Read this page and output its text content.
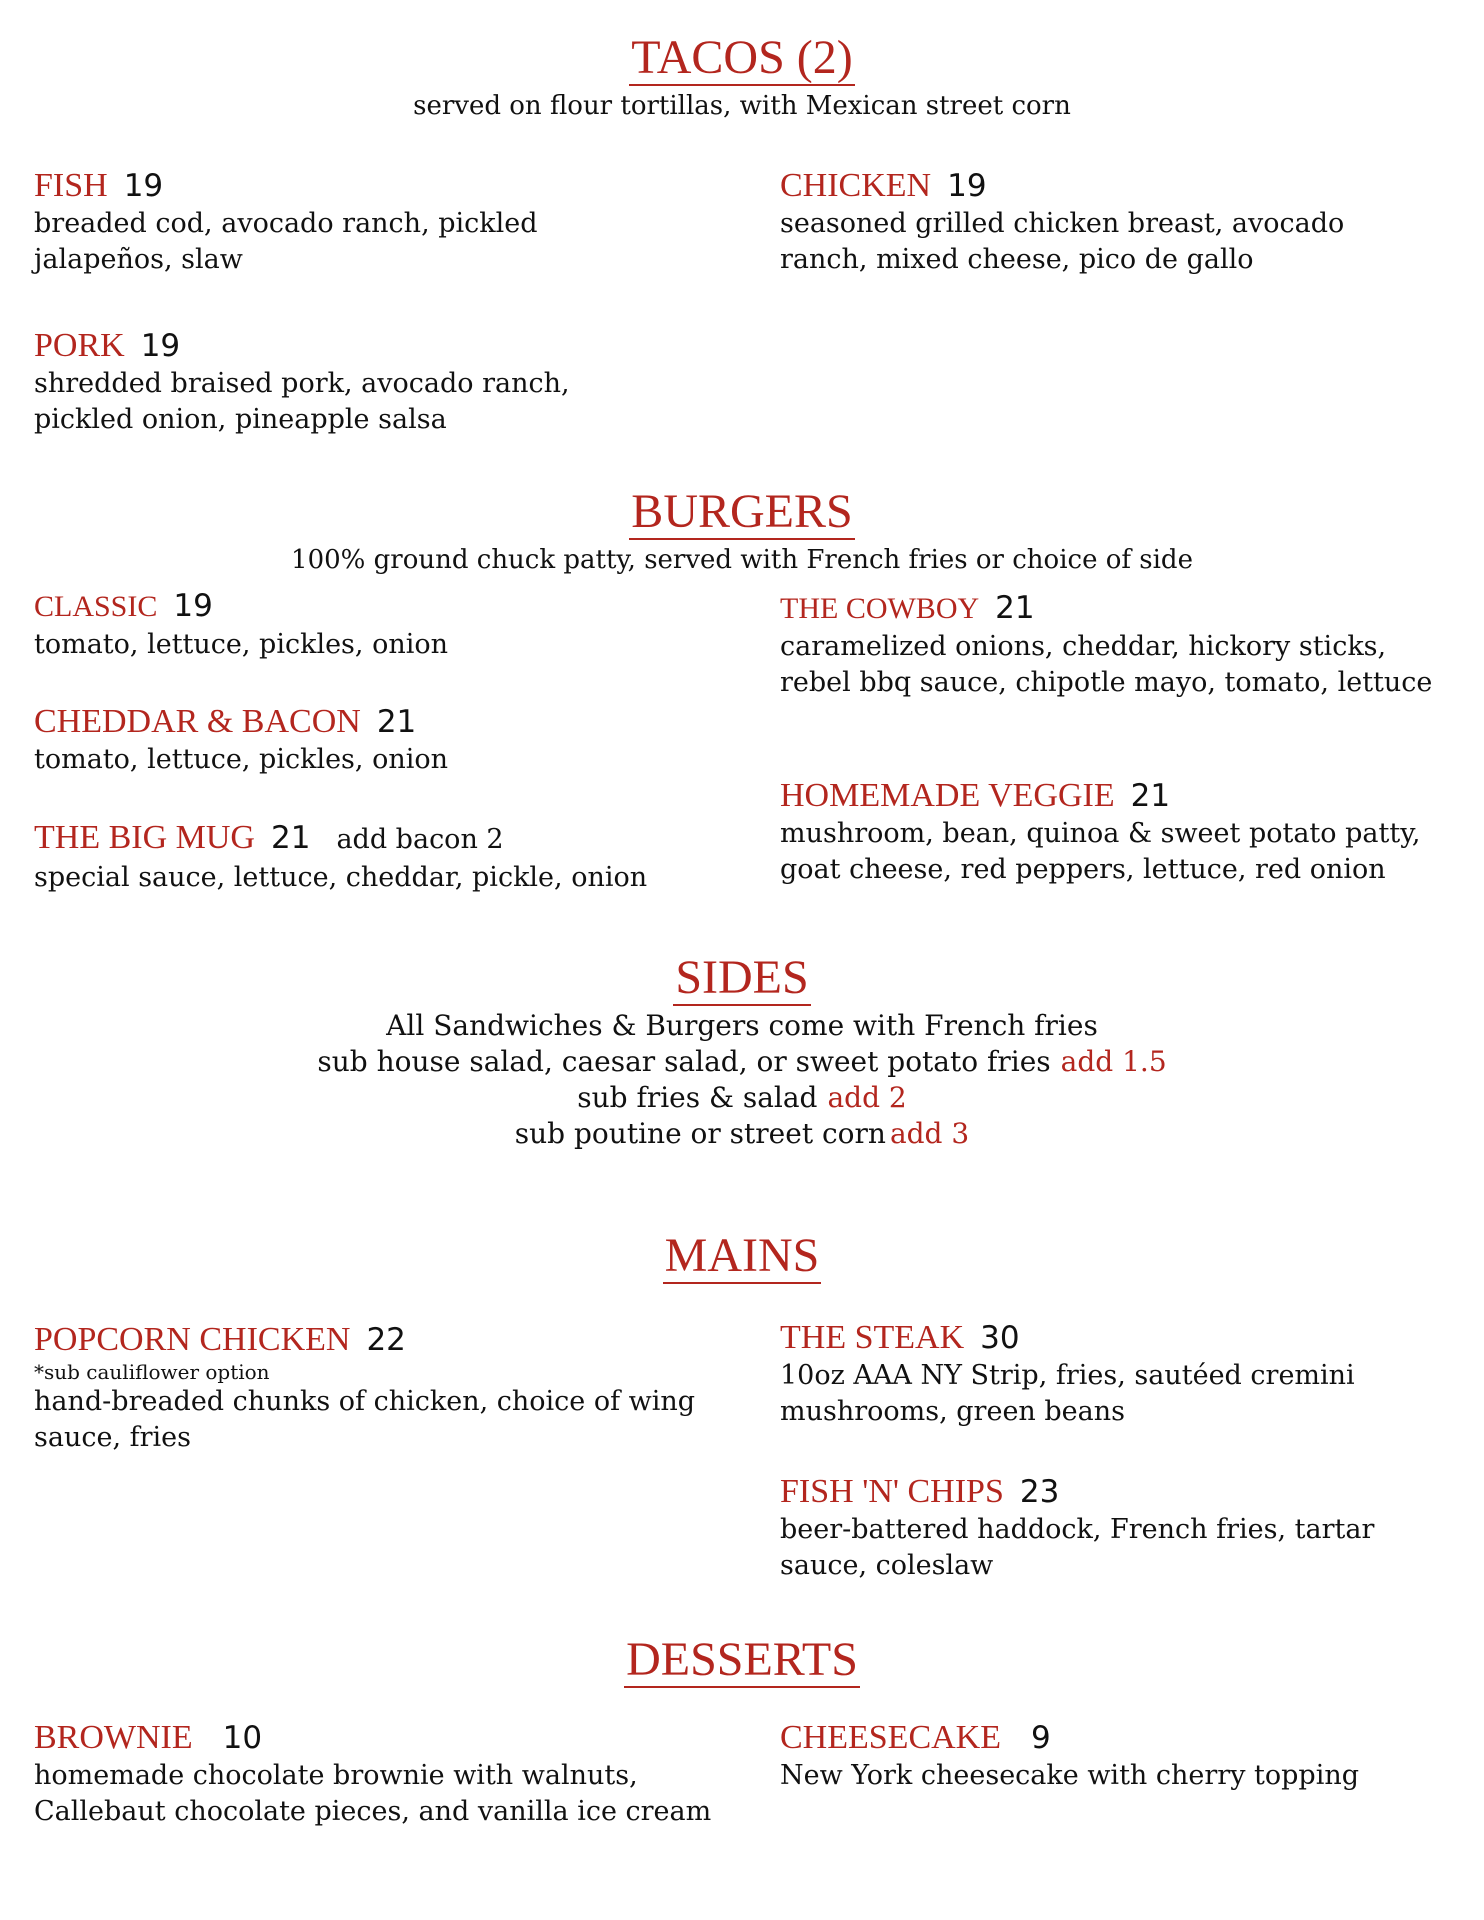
TACOS (2)
served on flour tortillas, with Mexican street corn
FISH 19
breaded cod, avocado ranch, pickled jalapeños, slaw
CHICKEN 19
seasoned grilled chicken breast, avocado ranch, mixed cheese, pico de gallo
PORK 19
shredded braised pork, avocado ranch, pickled onion, pineapple salsa
BURGERS
100% ground chuck patty, served with French fries or choice of side
CLASSIC 19
tomato, lettuce, pickles, onion
CHEDDAR & BACON 21
tomato, lettuce, pickles, onion
THE BIG MUG 21 add bacon 2
special sauce, lettuce, cheddar, pickle, onion
THE COWBOY 21
caramelized onions, cheddar, hickory sticks, rebel bbq sauce, chipotle mayo, tomato, lettuce
HOMEMADE VEGGIE 21
mushroom, bean, quinoa & sweet potato patty, goat cheese, red peppers, lettuce, red onion
SIDES
All Sandwiches & Burgers come with French fries
sub house salad, caesar salad, or sweet potato fries add 1.5
sub fries & salad add 2
sub poutine or street corn add 3
MAINS
POPCORN CHICKEN 22
*sub cauliflower option
hand-breaded chunks of chicken, choice of wing sauce, fries
THE STEAK 30
10oz AAA NY Strip, fries, sautéed cremini mushrooms, green beans
FISH 'N' CHIPS 23
beer-battered haddock, French fries, tartar sauce, coleslaw
DESSERTS
BROWNIE 10
homemade chocolate brownie with walnuts, Callebaut chocolate pieces, and vanilla ice cream
CHEESECAKE 9
New York cheesecake with cherry topping
